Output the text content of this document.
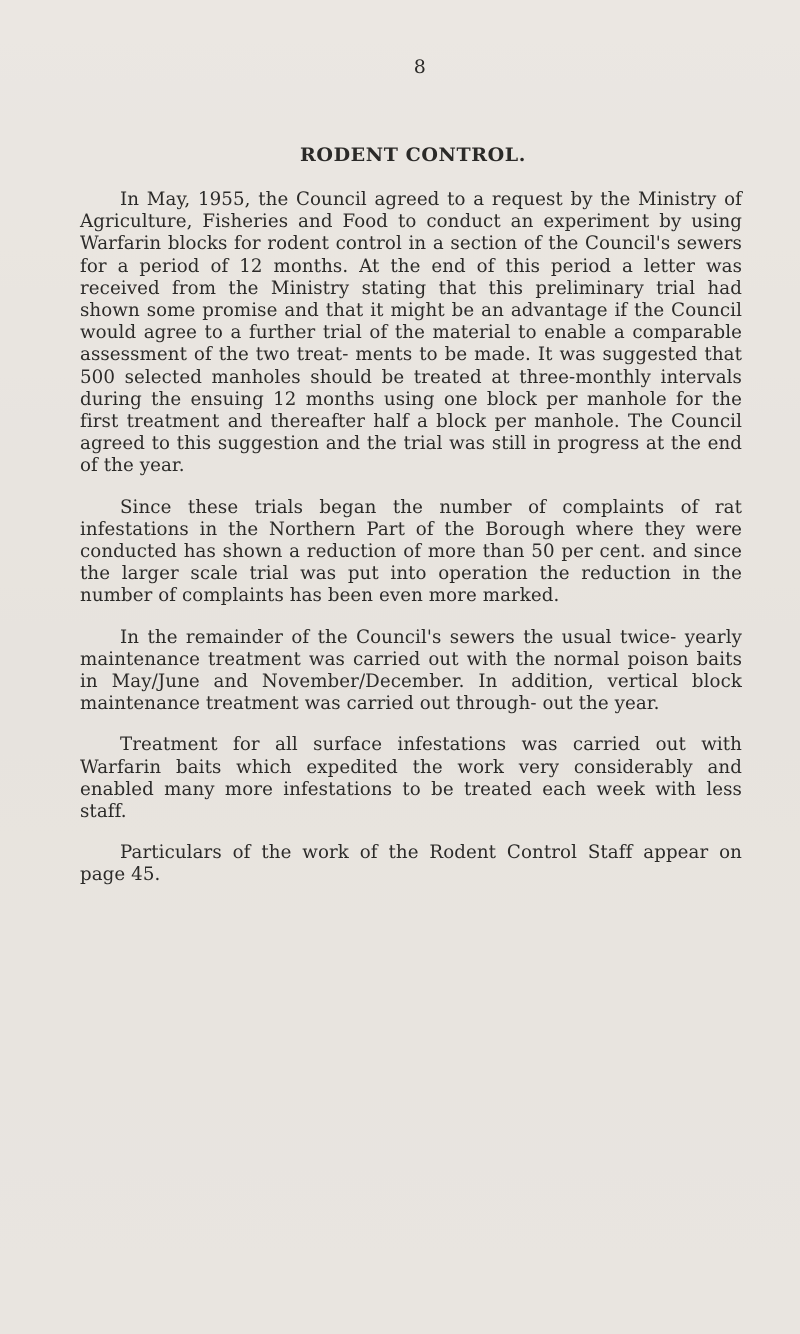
8
RODENT CONTROL.

In May, 1955, the Council agreed to a request by the Ministry of Agriculture, Fisheries and Food to conduct an experiment by using Warfarin blocks for rodent control in a section of the Council's sewers for a period of 12 months. At the end of this period a letter was received from the Ministry stating that this preliminary trial had shown some promise and that it might be an advantage if the Council would agree to a further trial of the material to enable a comparable assessment of the two treat- ments to be made. It was suggested that 500 selected manholes should be treated at three-monthly intervals during the ensuing 12 months using one block per manhole for the first treatment and thereafter half a block per manhole. The Council agreed to this suggestion and the trial was still in progress at the end of the year.

Since these trials began the number of complaints of rat infestations in the Northern Part of the Borough where they were conducted has shown a reduction of more than 50 per cent. and since the larger scale trial was put into operation the reduction in the number of complaints has been even more marked.

In the remainder of the Council's sewers the usual twice- yearly maintenance treatment was carried out with the normal poison baits in May/June and November/December. In addition, vertical block maintenance treatment was carried out through- out the year.

Treatment for all surface infestations was carried out with Warfarin baits which expedited the work very considerably and enabled many more infestations to be treated each week with less staff.

Particulars of the work of the Rodent Control Staff appear on page 45.
